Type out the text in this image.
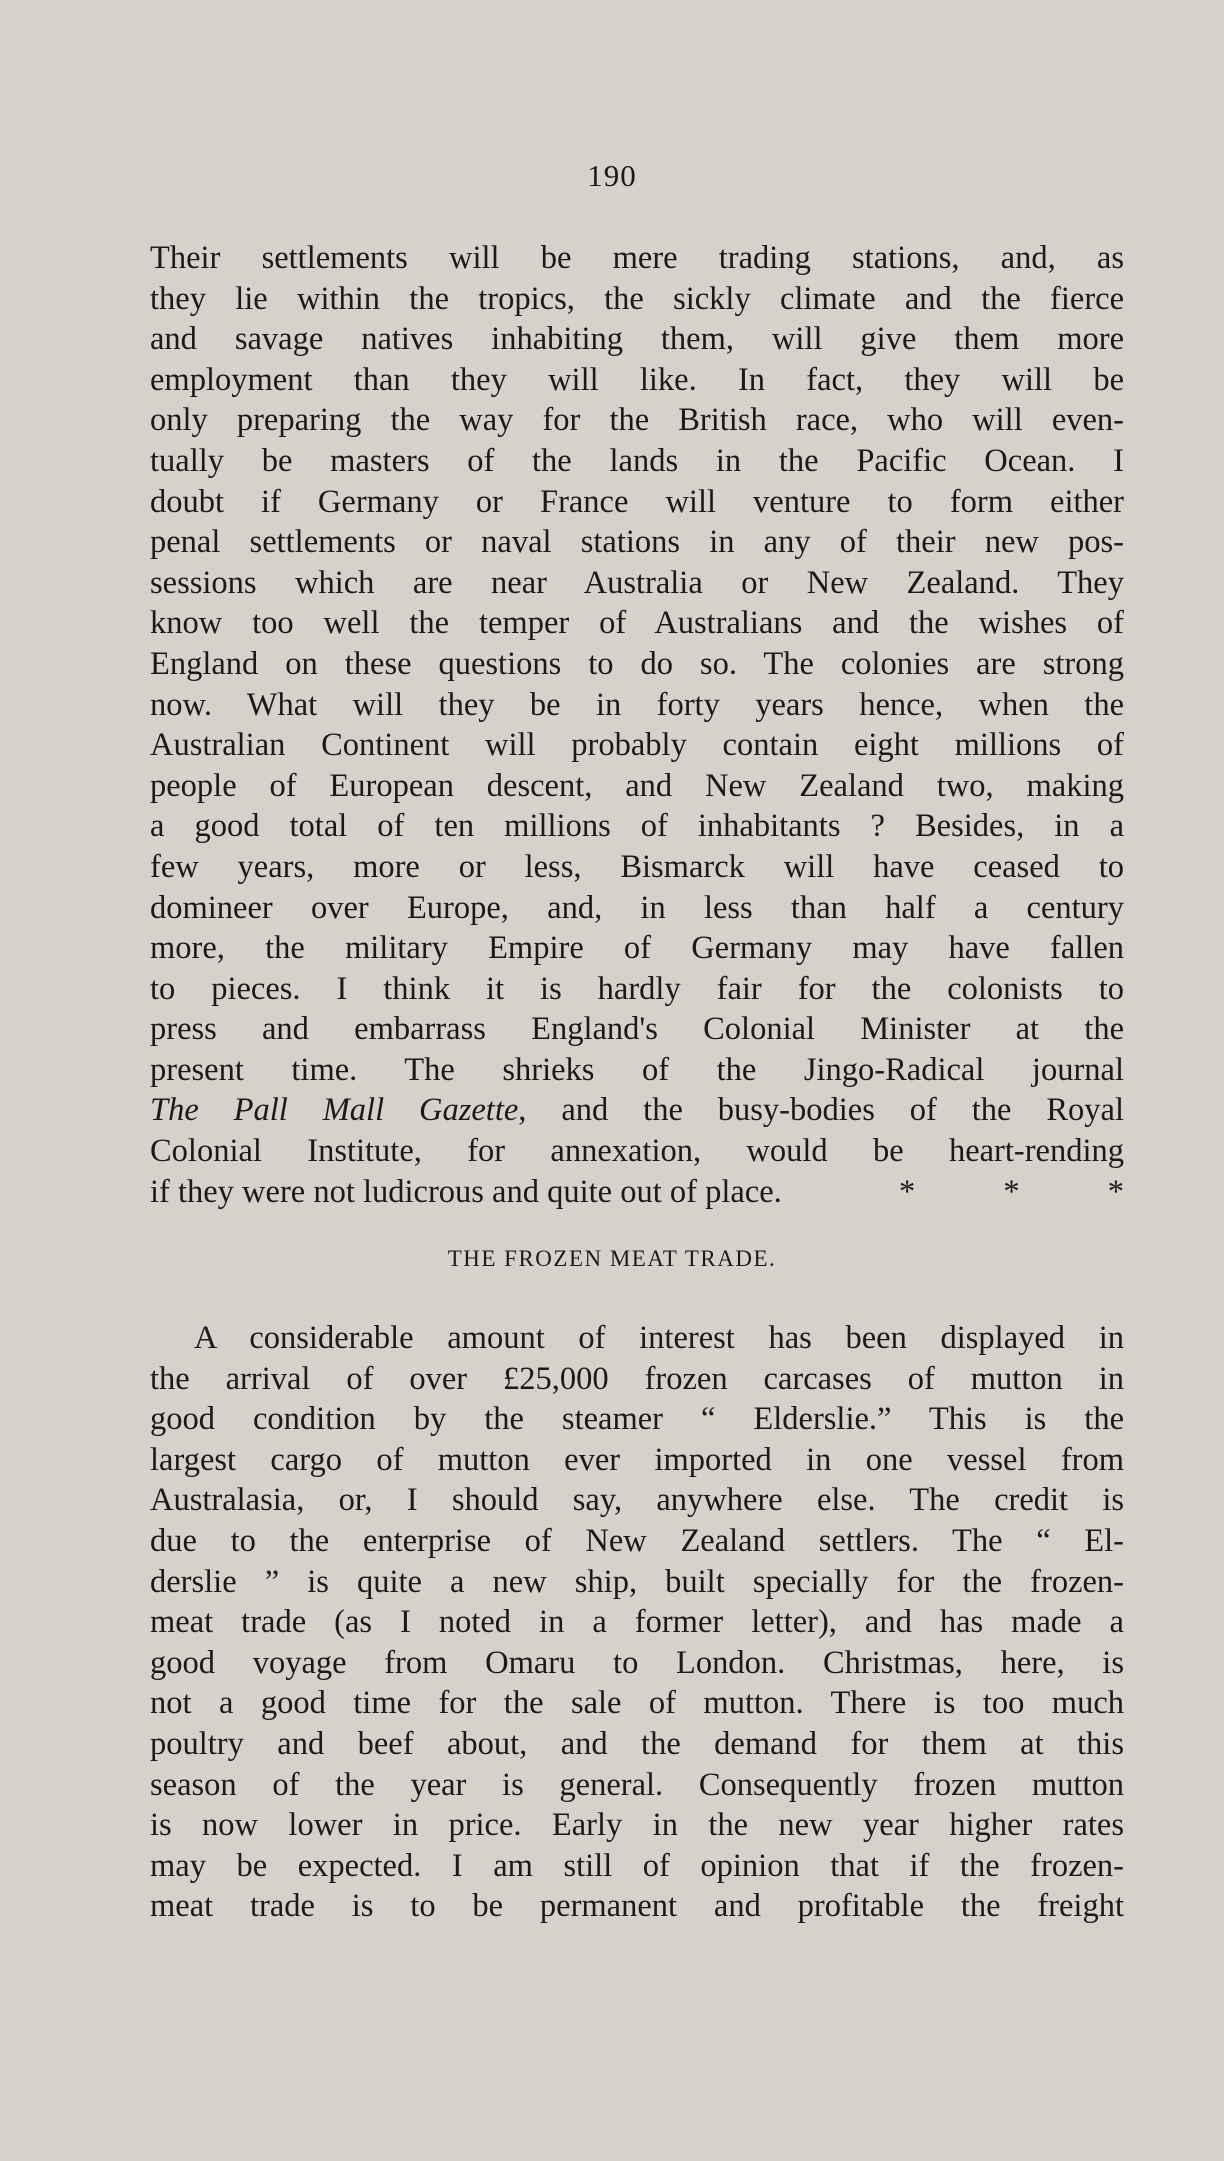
190
Their settlements will be mere trading stations, and, as
they lie within the tropics, the sickly climate and the fierce
and savage natives inhabiting them, will give them more
employment than they will like. In fact, they will be
only preparing the way for the British race, who will even-
tually be masters of the lands in the Pacific Ocean. I
doubt if Germany or France will venture to form either
penal settlements or naval stations in any of their new pos-
sessions which are near Australia or New Zealand. They
know too well the temper of Australians and the wishes of
England on these questions to do so. The colonies are strong
now. What will they be in forty years hence, when the
Australian Continent will probably contain eight millions of
people of European descent, and New Zealand two, making
a good total of ten millions of inhabitants ? Besides, in a
few years, more or less, Bismarck will have ceased to
domineer over Europe, and, in less than half a century
more, the military Empire of Germany may have fallen
to pieces. I think it is hardly fair for the colonists to
press and embarrass England's Colonial Minister at the
present time. The shrieks of the Jingo-Radical journal
The Pall Mall Gazette, and the busy-bodies of the Royal
Colonial Institute, for annexation, would be heart-rending
if they were not ludicrous and quite out of place.	* * *
THE FROZEN MEAT TRADE.
A considerable amount of interest has been displayed in
the arrival of over £25,000 frozen carcases of mutton in
good condition by the steamer “ Elderslie.” This is the
largest cargo of mutton ever imported in one vessel from
Australasia, or, I should say, anywhere else. The credit is
due to the enterprise of New Zealand settlers. The “ El-
derslie ” is quite a new ship, built specially for the frozen-
meat trade (as I noted in a former letter), and has made a
good voyage from Omaru to London. Christmas, here, is
not a good time for the sale of mutton. There is too much
poultry and beef about, and the demand for them at this
season of the year is general. Consequently frozen mutton
is now lower in price. Early in the new year higher rates
may be expected. I am still of opinion that if the frozen-
meat trade is to be permanent and profitable the freight
